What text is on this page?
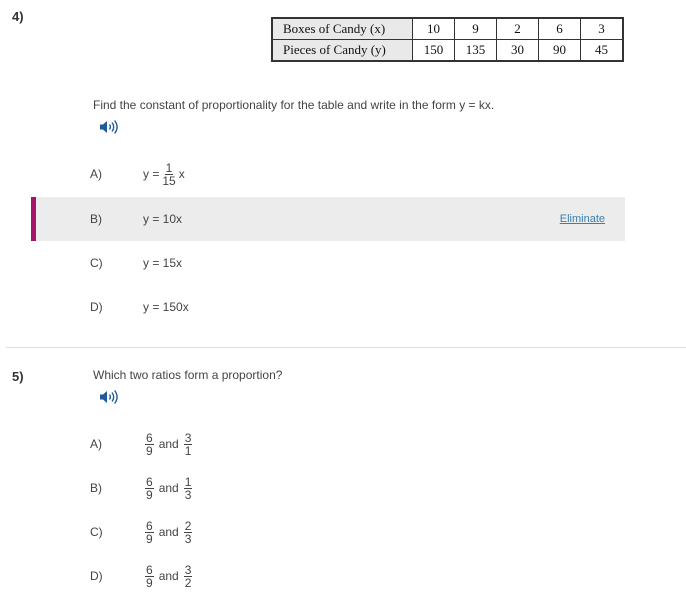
4)
Boxes of Candy (x)	10	9	2	6	3
Pieces of Candy (y)	150	135	30	90	45
Find the constant of proportionality for the table and write in the form y = kx.
A)	$y = \frac{1}{15}$ x
B)	y = 10x	Eliminate
C)	y = 15x
D)	y = 150x
5)	Which two ratios form a proportion?
A)	$\frac{6}{9}$ and $\frac{3}{1}$
B)	$\frac{6}{9}$ and $\frac{1}{3}$
C)	$\frac{6}{9}$ and $\frac{2}{3}$
D)	$\frac{6}{9}$ and $\frac{3}{2}$
